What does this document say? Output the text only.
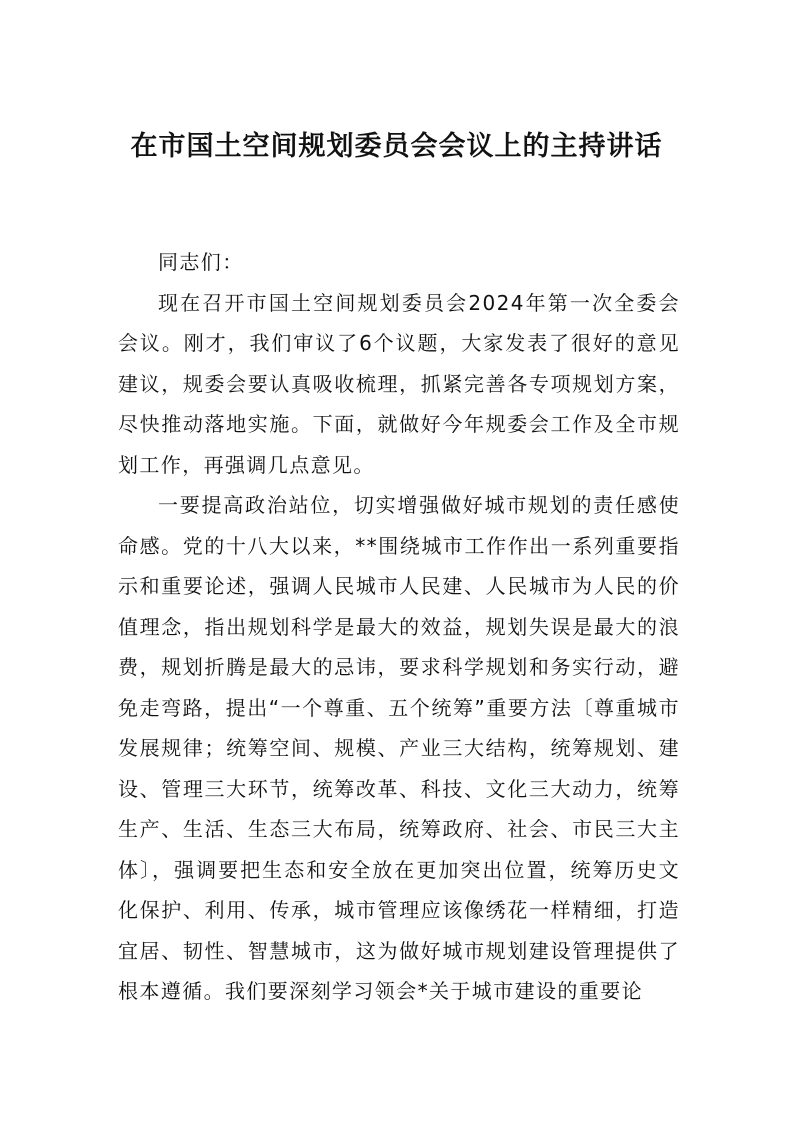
在市国土空间规划委员会会议上的主持讲话

同志们：

现在召开市国土空间规划委员会2024年第一次全委会会议。刚才，我们审议了6个议题，大家发表了很好的意见建议，规委会要认真吸收梳理，抓紧完善各专项规划方案，尽快推动落地实施。下面，就做好今年规委会工作及全市规划工作，再强调几点意见。

一要提高政治站位，切实增强做好城市规划的责任感使命感。党的十八大以来，**围绕城市工作作出一系列重要指示和重要论述，强调人民城市人民建、人民城市为人民的价值理念，指出规划科学是最大的效益，规划失误是最大的浪费，规划折腾是最大的忌讳，要求科学规划和务实行动，避免走弯路，提出“一个尊重、五个统筹”重要方法〔尊重城市发展规律；统筹空间、规模、产业三大结构，统筹规划、建设、管理三大环节，统筹改革、科技、文化三大动力，统筹生产、生活、生态三大布局，统筹政府、社会、市民三大主体〕，强调要把生态和安全放在更加突出位置，统筹历史文化保护、利用、传承，城市管理应该像绣花一样精细，打造宜居、韧性、智慧城市，这为做好城市规划建设管理提供了根本遵循。我们要深刻学习领会*关于城市建设的重要论
